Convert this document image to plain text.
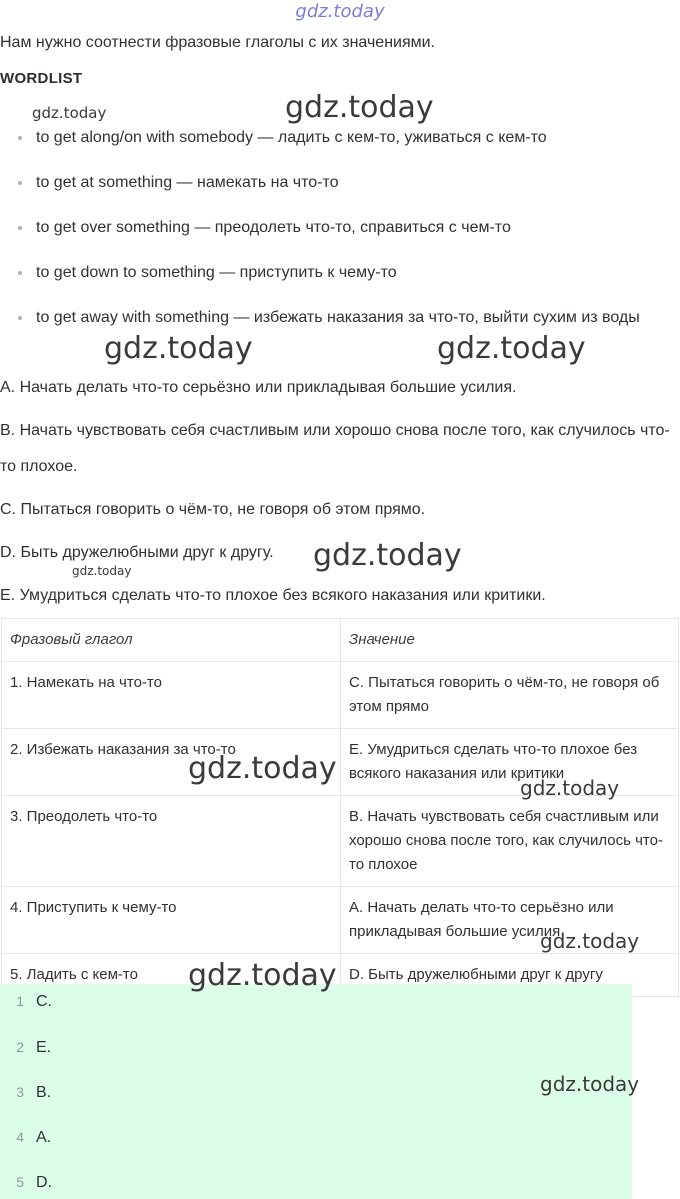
gdz.today
Нам нужно соотнести фразовые глаголы с их значениями.
WORDLIST
to get along/on with somebody — ладить с кем-то, уживаться с кем-то
to get at something — намекать на что-то
to get over something — преодолеть что-то, справиться с чем-то
to get down to something — приступить к чему-то
to get away with something — избежать наказания за что-то, выйти сухим из воды

A. Начать делать что-то серьёзно или прикладывая большие усилия.

B. Начать чувствовать себя счастливым или хорошо снова после того, как случилось что-то плохое.

C. Пытаться говорить о чём-то, не говоря об этом прямо.

D. Быть дружелюбными друг к другу.

E. Умудриться сделать что-то плохое без всякого наказания или критики.

Фразовый глагол	Значение
1. Намекать на что-то	C. Пытаться говорить о чём-то, не говоря об этом прямо
2. Избежать наказания за что-то	E. Умудриться сделать что-то плохое без всякого наказания или критики
3. Преодолеть что-то	B. Начать чувствовать себя счастливым или хорошо снова после того, как случилось что-то плохое
4. Приступить к чему-то	A. Начать делать что-то серьёзно или прикладывая большие усилия
5. Ладить с кем-то	D. Быть дружелюбными друг к другу
1 C.
2 E.
3 B.
4 A.
5 D.
gdz.today	gdz.today
gdz.today	gdz.today
gdz.today
gdz.today
gdz.today
gdz.today
gdz.today
gdz.today
gdz.today
